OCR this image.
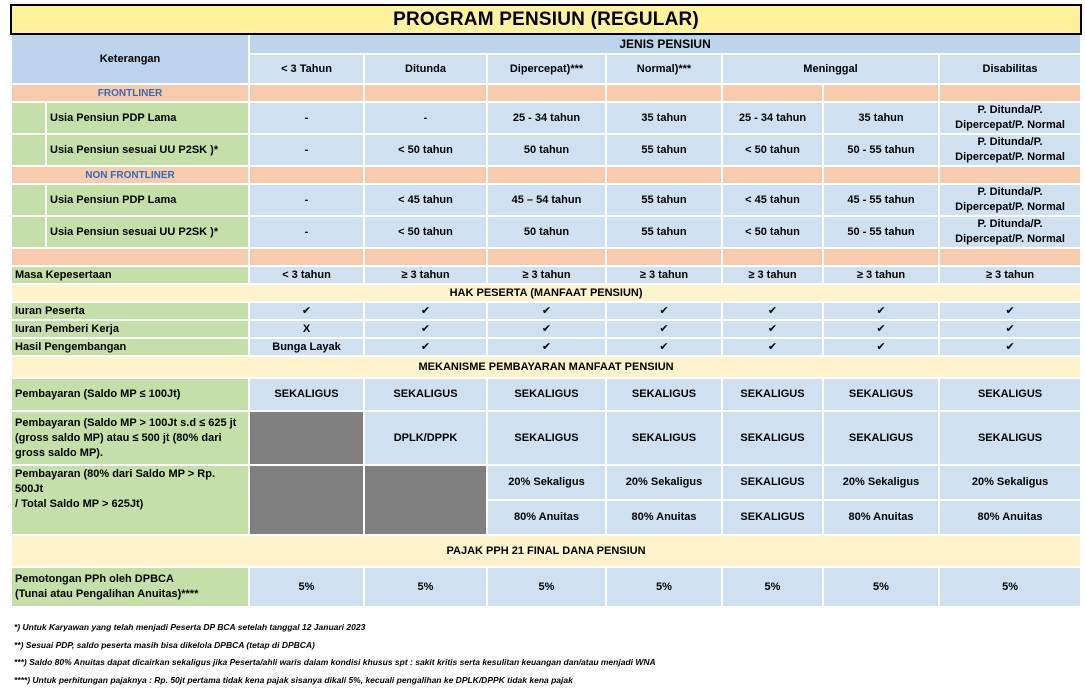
PROGRAM PENSIUN (REGULAR)								
Keterangan		JENIS PENSIUN						
		< 3 Tahun	Ditunda	Dipercepat)***	Normal)***	Meninggal		Disabilitas
FRONTLINER								
	Usia Pensiun PDP Lama	-	-	25 - 34 tahun	35 tahun	25 - 34 tahun	35 tahun	P. Ditunda/P.
Dipercepat/P. Normal

	Usia Pensiun sesuai UU P2SK )*	-	< 50 tahun	50 tahun	55 tahun	< 50 tahun	50 - 55 tahun	P. Ditunda/P.
Dipercepat/P. Normal

NON FRONTLINER								
	Usia Pensiun PDP Lama	-	< 45 tahun	45 – 54 tahun	55 tahun	< 45 tahun	45 - 55 tahun	P. Ditunda/P.
Dipercepat/P. Normal

	Usia Pensiun sesuai UU P2SK )*	-	< 50 tahun	50 tahun	55 tahun	< 50 tahun	50 - 55 tahun	P. Ditunda/P.
Dipercepat/P. Normal

Masa Kepesertaan		< 3 tahun	≥ 3 tahun	≥ 3 tahun	≥ 3 tahun	≥ 3 tahun	≥ 3 tahun	≥ 3 tahun
HAK PESERTA (MANFAAT PENSIUN)								
Iuran Peserta		✔	✔	✔	✔	✔	✔	✔
Iuran Pemberi Kerja		X	✔	✔	✔	✔	✔	✔
Hasil Pengembangan		Bunga Layak	✔	✔	✔	✔	✔	✔
MEKANISME PEMBAYARAN MANFAAT PENSIUN								
Pembayaran (Saldo MP ≤ 100Jt)		SEKALIGUS	SEKALIGUS	SEKALIGUS	SEKALIGUS	SEKALIGUS	SEKALIGUS	SEKALIGUS

Pembayaran (Saldo MP > 100Jt s.d ≤ 625 jt
(gross saldo MP) atau ≤ 500 jt (80% dari
gross saldo MP).			DPLK/DPPK	SEKALIGUS	SEKALIGUS	SEKALIGUS	SEKALIGUS	SEKALIGUS

Pembayaran (80% dari Saldo MP > Rp. 500Jt
/ Total Saldo MP > 625Jt)				20% Sekaligus	20% Sekaligus	SEKALIGUS	20% Sekaligus	20% Sekaligus
				80% Anuitas	80% Anuitas	SEKALIGUS	80% Anuitas	80% Anuitas
PAJAK PPH 21 FINAL DANA PENSIUN								

Pemotongan PPh oleh DPBCA
(Tunai atau Pengalihan Anuitas)****		5%	5%	5%	5%	5%	5%	5%
*) Untuk Karyawan yang telah menjadi Peserta DP BCA setelah tanggal 12 Januari 2023
**) Sesuai PDP, saldo peserta masih bisa dikelola DPBCA (tetap di DPBCA)
***) Saldo 80% Anuitas dapat dicairkan sekaligus jika Peserta/ahli waris dalam kondisi khusus spt : sakit kritis serta kesulitan keuangan dan/atau menjadi WNA
****) Untuk perhitungan pajaknya : Rp. 50jt pertama tidak kena pajak sisanya dikali 5%, kecuali pengalihan ke DPLK/DPPK tidak kena pajak
